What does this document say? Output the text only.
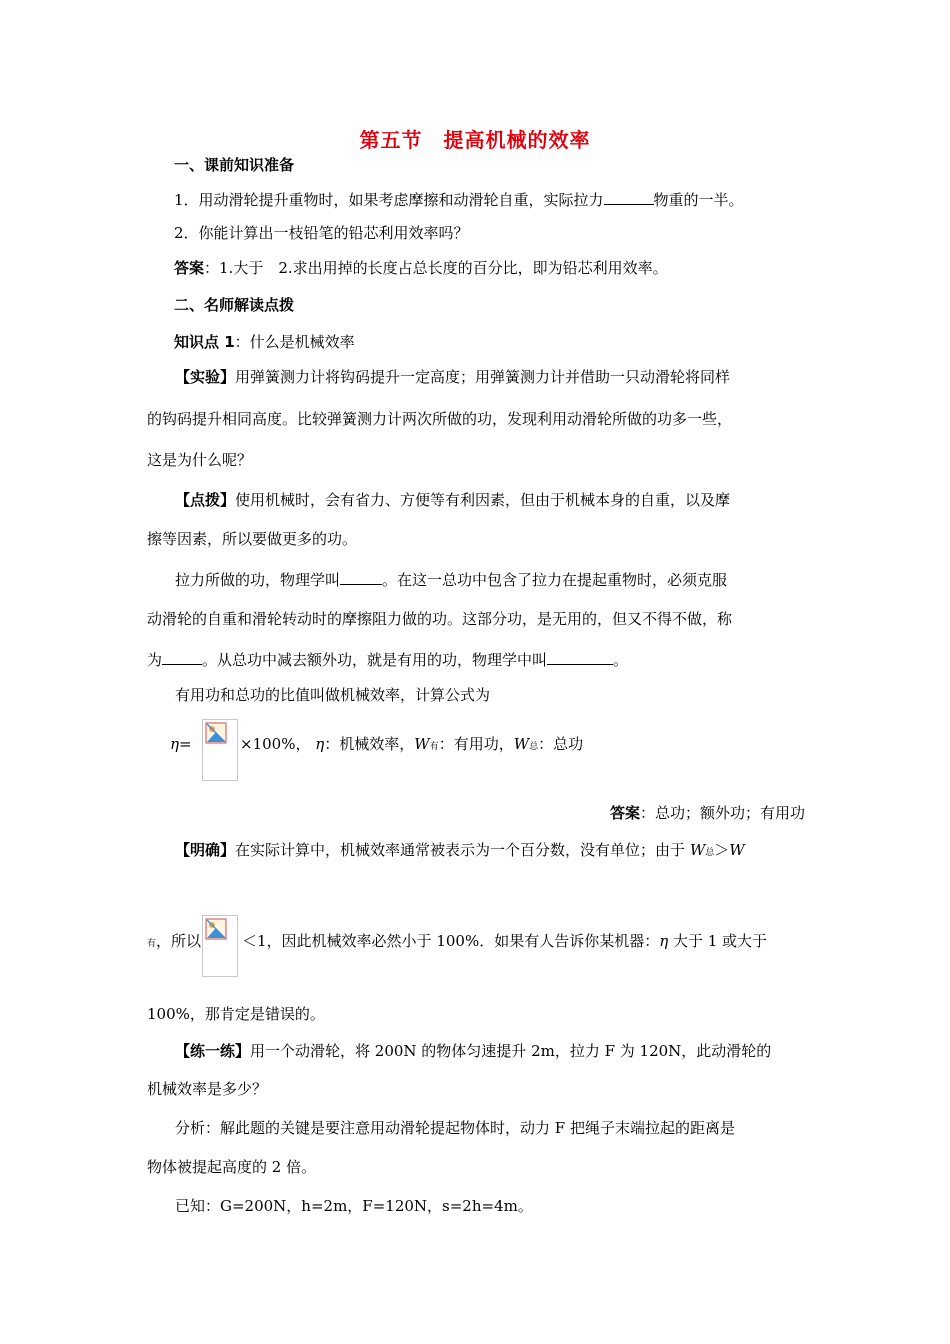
第五节　提高机械的效率
一、课前知识准备
1．用动滑轮提升重物时，如果考虑摩擦和动滑轮自重，实际拉力	物重的一半。
2．你能计算出一枝铅笔的铅芯利用效率吗？
答案：1.大于　2.求出用掉的长度占总长度的百分比，即为铅芯利用效率。
二、名师解读点拨
知识点 1：什么是机械效率
【实验】用弹簧测力计将钩码提升一定高度；用弹簧测力计并借助一只动滑轮将同样
的钩码提升相同高度。比较弹簧测力计两次所做的功，发现利用动滑轮所做的功多一些，
这是为什么呢？
【点拨】使用机械时，会有省力、方便等有利因素，但由于机械本身的自重，以及摩
擦等因素，所以要做更多的功。
拉力所做的功，物理学叫	。在这一总功中包含了拉力在提起重物时，必须克服
动滑轮的自重和滑轮转动时的摩擦阻力做的功。这部分功，是无用的，但又不得不做，称
为	。从总功中减去额外功，就是有用的功，物理学中叫	。
有用功和总功的比值叫做机械效率，计算公式为
η=	×100%， η：机械效率，W有：有用功，W总：总功
答案：总功；额外功；有用功
【明确】在实际计算中，机械效率通常被表示为一个百分数，没有单位；由于 W总＞W
有，所以	＜1，因此机械效率必然小于 100%．如果有人告诉你某机器：η 大于 1 或大于
100%，那肯定是错误的。
【练一练】用一个动滑轮，将 200N 的物体匀速提升 2m，拉力 F 为 120N，此动滑轮的
机械效率是多少？
分析：解此题的关键是要注意用动滑轮提起物体时，动力 F 把绳子末端拉起的距离是
物体被提起高度的 2 倍。
已知：G=200N，h=2m，F=120N，s=2h=4m。
